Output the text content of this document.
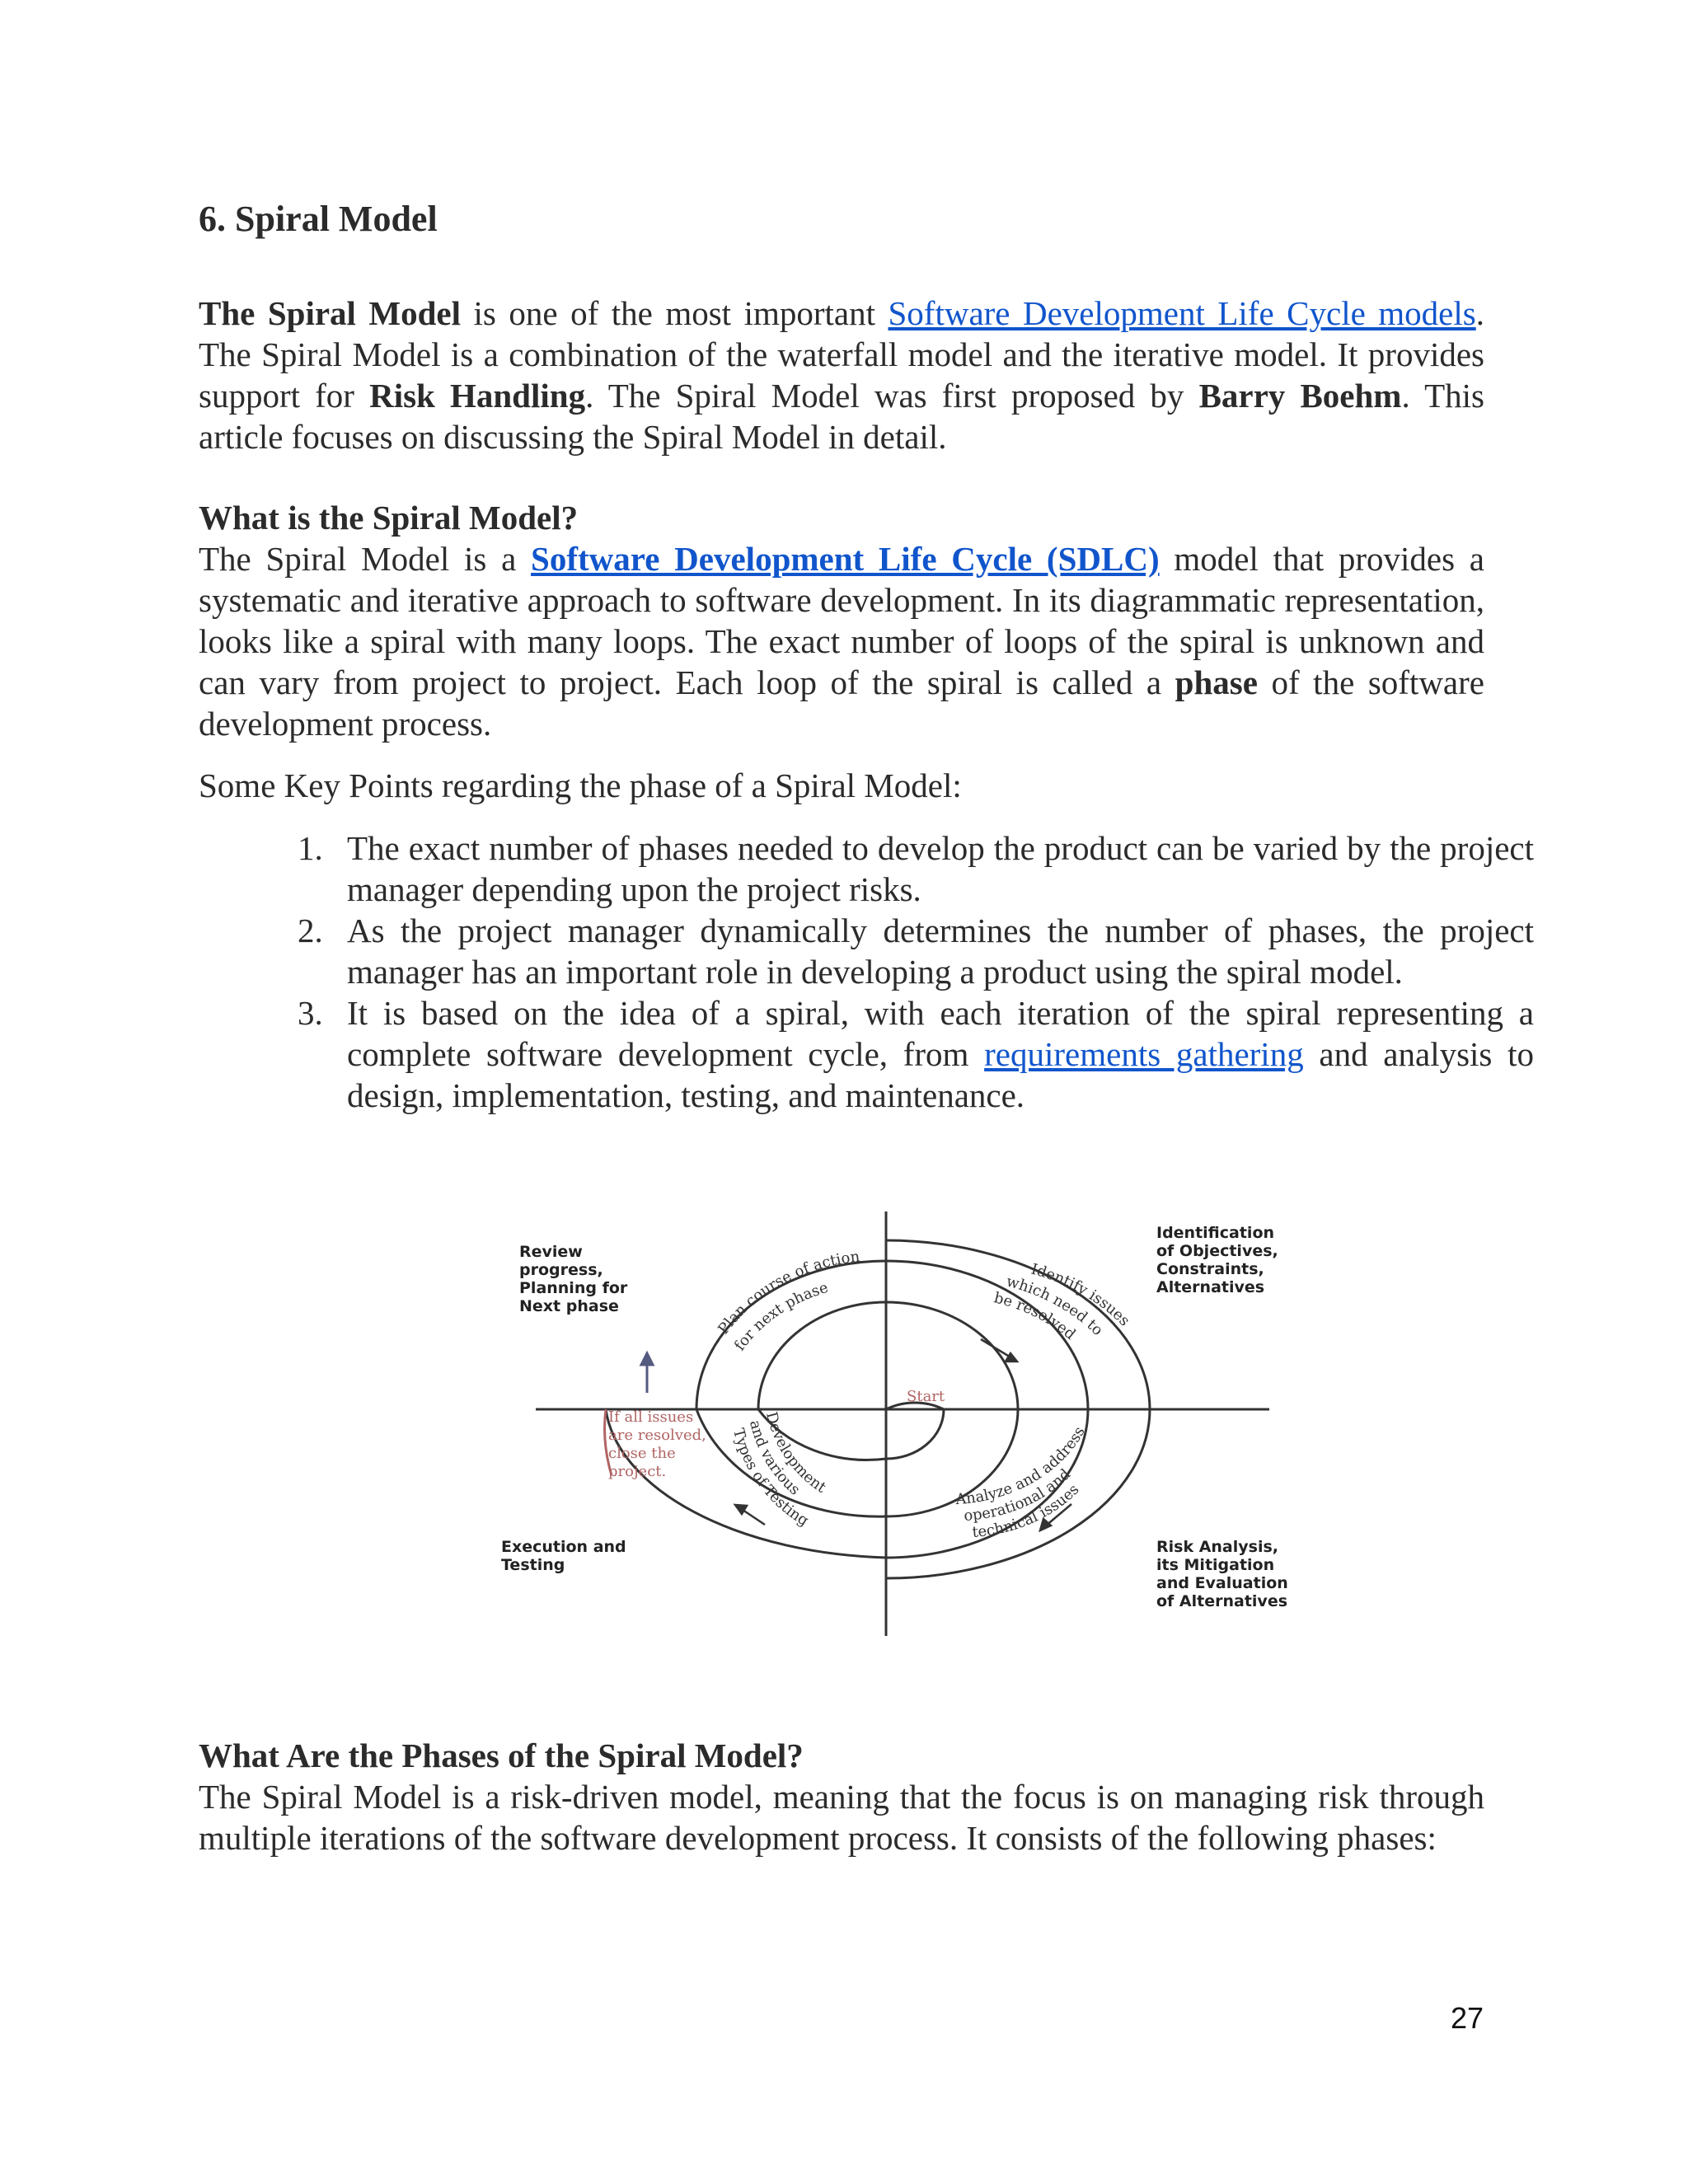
6. Spiral Model

The Spiral Model is one of the most important Software Development Life Cycle models. The Spiral Model is a combination of the waterfall model and the iterative model. It provides support for Risk Handling. The Spiral Model was first proposed by Barry Boehm. This article focuses on discussing the Spiral Model in detail.

What is the Spiral Model?

The Spiral Model is a Software Development Life Cycle (SDLC) model that provides a systematic and iterative approach to software development. In its diagrammatic representation, looks like a spiral with many loops. The exact number of loops of the spiral is unknown and can vary from project to project. Each loop of the spiral is called a phase of the software development process.

Some Key Points regarding the phase of a Spiral Model:

1. The exact number of phases needed to develop the product can be varied by the project manager depending upon the project risks.
2. As the project manager dynamically determines the number of phases, the project manager has an important role in developing a product using the spiral model.
3. It is based on the idea of a spiral, with each iteration of the spiral representing a complete software development cycle, from requirements gathering and analysis to design, implementation, testing, and maintenance.
What Are the Phases of the Spiral Model?

The Spiral Model is a risk-driven model, meaning that the focus is on managing risk through multiple iterations of the software development process. It consists of the following phases:

Review progress, Planning for Next phase
Identification of Objectives, Constraints, Alternatives
Execution and Testing
Risk Analysis, its Mitigation and Evaluation of Alternatives
Start
Plan course of action
for next phase
Identify issues
which need to
be resolved
Analyze and address
operational and
technical issues
Development
and various
Types of Testing
If all issues are resolved, close the project.
27
